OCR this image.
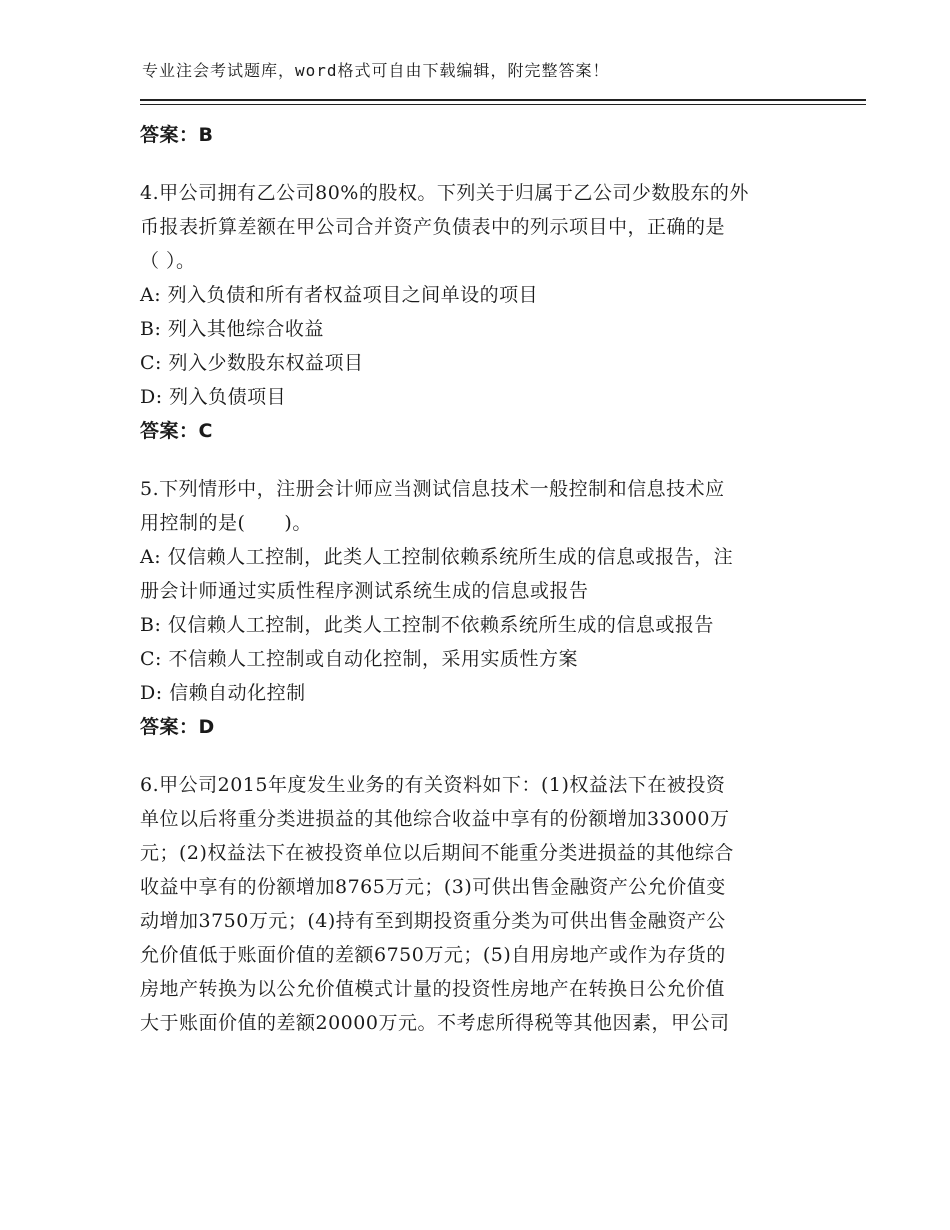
专业注会考试题库，word格式可自由下载编辑，附完整答案！
答案：B
4.甲公司拥有乙公司80%的股权。下列关于归属于乙公司少数股东的外
币报表折算差额在甲公司合并资产负债表中的列示项目中，正确的是
（ ）。
A: 列入负债和所有者权益项目之间单设的项目
B: 列入其他综合收益
C: 列入少数股东权益项目
D: 列入负债项目
答案：C
5.下列情形中，注册会计师应当测试信息技术一般控制和信息技术应
用控制的是(　　)。
A: 仅信赖人工控制，此类人工控制依赖系统所生成的信息或报告，注
册会计师通过实质性程序测试系统生成的信息或报告
B: 仅信赖人工控制，此类人工控制不依赖系统所生成的信息或报告
C: 不信赖人工控制或自动化控制，采用实质性方案
D: 信赖自动化控制
答案：D
6.甲公司2015年度发生业务的有关资料如下：(1)权益法下在被投资
单位以后将重分类进损益的其他综合收益中享有的份额增加33000万
元；(2)权益法下在被投资单位以后期间不能重分类进损益的其他综合
收益中享有的份额增加8765万元；(3)可供出售金融资产公允价值变
动增加3750万元；(4)持有至到期投资重分类为可供出售金融资产公
允价值低于账面价值的差额6750万元；(5)自用房地产或作为存货的
房地产转换为以公允价值模式计量的投资性房地产在转换日公允价值
大于账面价值的差额20000万元。不考虑所得税等其他因素，甲公司
